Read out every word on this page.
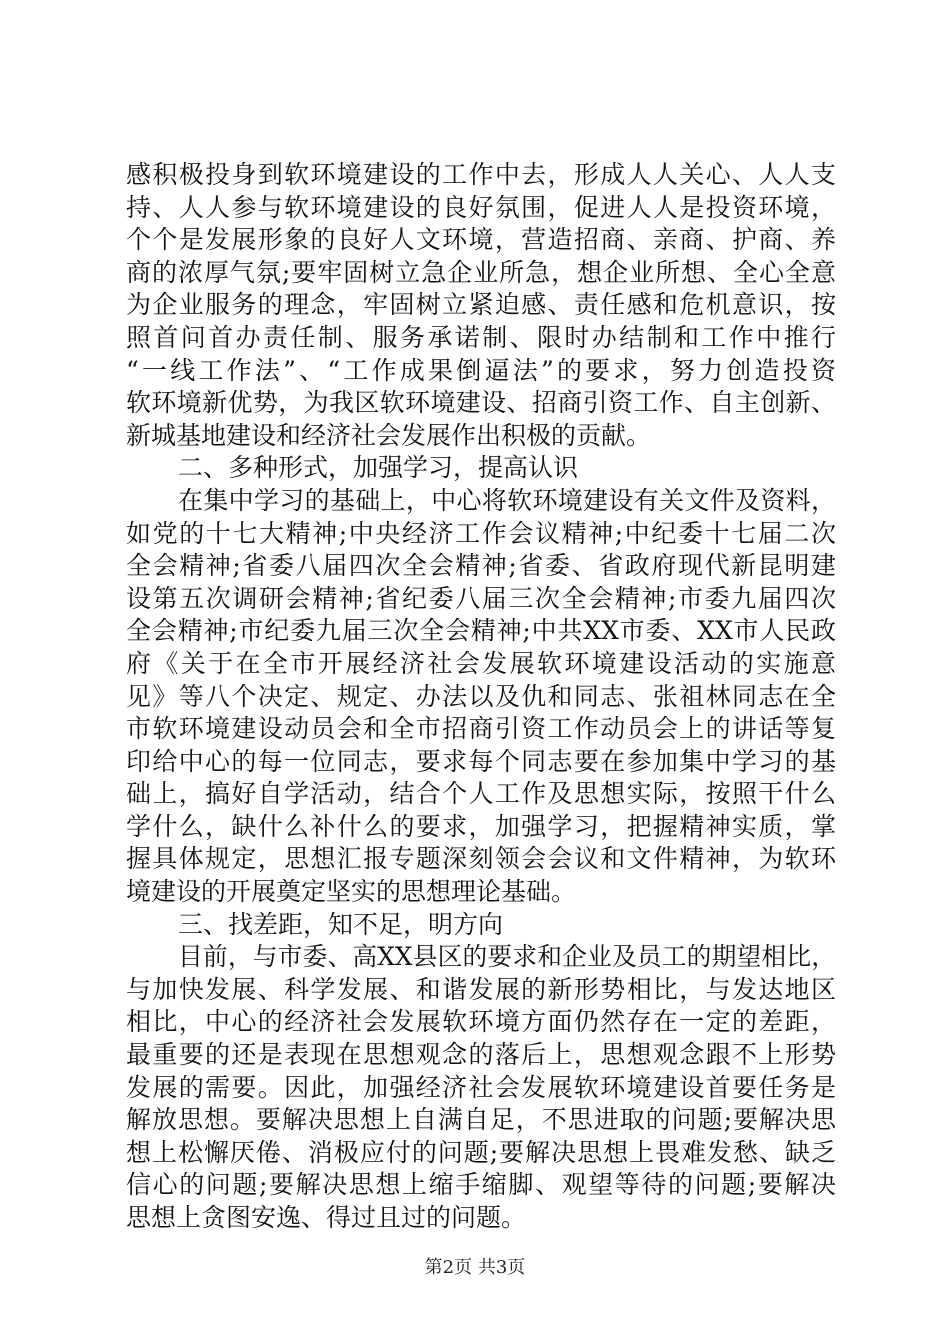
感积极投身到软环境建设的工作中去，形成人人关心、人人支
持、人人参与软环境建设的良好氛围，促进人人是投资环境，
个个是发展形象的良好人文环境，营造招商、亲商、护商、养
商的浓厚气氛;要牢固树立急企业所急，想企业所想、全心全意
为企业服务的理念，牢固树立紧迫感、责任感和危机意识，按
照首问首办责任制、服务承诺制、限时办结制和工作中推行
“一线工作法”、“工作成果倒逼法”的要求，努力创造投资
软环境新优势，为我区软环境建设、招商引资工作、自主创新、
新城基地建设和经济社会发展作出积极的贡献。
二、多种形式，加强学习，提高认识
在集中学习的基础上，中心将软环境建设有关文件及资料，
如党的十七大精神;中央经济工作会议精神;中纪委十七届二次
全会精神;省委八届四次全会精神;省委、省政府现代新昆明建
设第五次调研会精神;省纪委八届三次全会精神;市委九届四次
全会精神;市纪委九届三次全会精神;中共XX市委、XX市人民政
府《关于在全市开展经济社会发展软环境建设活动的实施意
见》等八个决定、规定、办法以及仇和同志、张祖林同志在全
市软环境建设动员会和全市招商引资工作动员会上的讲话等复
印给中心的每一位同志，要求每个同志要在参加集中学习的基
础上，搞好自学活动，结合个人工作及思想实际，按照干什么
学什么，缺什么补什么的要求，加强学习，把握精神实质，掌
握具体规定，思想汇报专题深刻领会会议和文件精神，为软环
境建设的开展奠定坚实的思想理论基础。
三、找差距，知不足，明方向
目前，与市委、高XX县区的要求和企业及员工的期望相比，
与加快发展、科学发展、和谐发展的新形势相比，与发达地区
相比，中心的经济社会发展软环境方面仍然存在一定的差距，
最重要的还是表现在思想观念的落后上，思想观念跟不上形势
发展的需要。因此，加强经济社会发展软环境建设首要任务是
解放思想。要解决思想上自满自足，不思进取的问题;要解决思
想上松懈厌倦、消极应付的问题;要解决思想上畏难发愁、缺乏
信心的问题;要解决思想上缩手缩脚、观望等待的问题;要解决
思想上贪图安逸、得过且过的问题。
第2页 共3页
